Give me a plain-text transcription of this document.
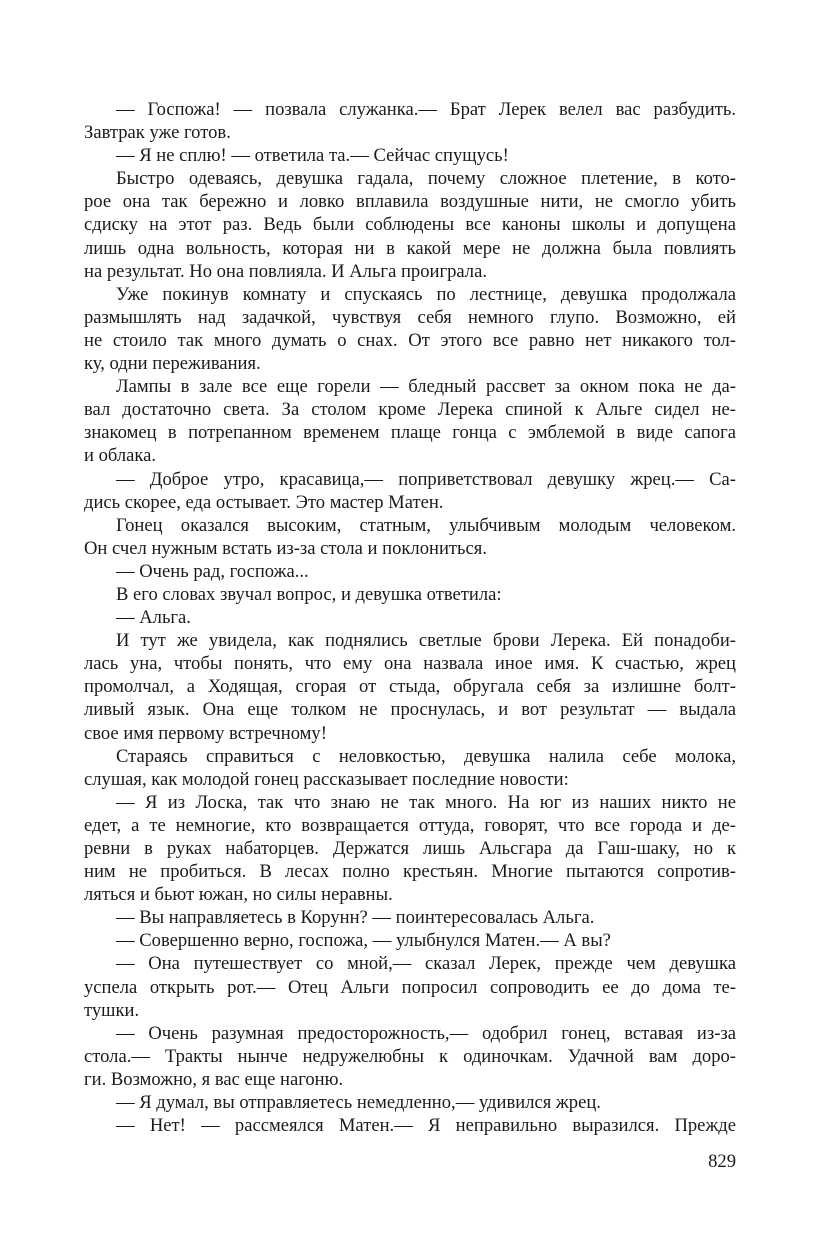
— Госпожа! — позвала служанка.— Брат Лерек велел вас разбудить.
Завтрак уже готов.
— Я не сплю! — ответила та.— Сейчас спущусь!
Быстро одеваясь, девушка гадала, почему сложное плетение, в кото-
рое она так бережно и ловко вплавила воздушные нити, не смогло убить
сдиску на этот раз. Ведь были соблюдены все каноны школы и допущена
лишь одна вольность, которая ни в какой мере не должна была повлиять
на результат. Но она повлияла. И Альга проиграла.
Уже покинув комнату и спускаясь по лестнице, девушка продолжала
размышлять над задачкой, чувствуя себя немного глупо. Возможно, ей
не стоило так много думать о снах. От этого все равно нет никакого тол-
ку, одни переживания.
Лампы в зале все еще горели — бледный рассвет за окном пока не да-
вал достаточно света. За столом кроме Лерека спиной к Альге сидел не-
знакомец в потрепанном временем плаще гонца с эмблемой в виде сапога
и облака.
— Доброе утро, красавица,— поприветствовал девушку жрец.— Са-
дись скорее, еда остывает. Это мастер Матен.
Гонец оказался высоким, статным, улыбчивым молодым человеком.
Он счел нужным встать из-за стола и поклониться.
— Очень рад, госпожа...
В его словах звучал вопрос, и девушка ответила:
— Альга.
И тут же увидела, как поднялись светлые брови Лерека. Ей понадоби-
лась уна, чтобы понять, что ему она назвала иное имя. К счастью, жрец
промолчал, а Ходящая, сгорая от стыда, обругала себя за излишне болт-
ливый язык. Она еще толком не проснулась, и вот результат — выдала
свое имя первому встречному!
Стараясь справиться с неловкостью, девушка налила себе молока,
слушая, как молодой гонец рассказывает последние новости:
— Я из Лоска, так что знаю не так много. На юг из наших никто не
едет, а те немногие, кто возвращается оттуда, говорят, что все города и де-
ревни в руках набаторцев. Держатся лишь Альсгара да Гаш-шаку, но к
ним не пробиться. В лесах полно крестьян. Многие пытаются сопротив-
ляться и бьют южан, но силы неравны.
— Вы направляетесь в Корунн? — поинтересовалась Альга.
— Совершенно верно, госпожа, — улыбнулся Матен.— А вы?
— Она путешествует со мной,— сказал Лерек, прежде чем девушка
успела открыть рот.— Отец Альги попросил сопроводить ее до дома те-
тушки.
— Очень разумная предосторожность,— одобрил гонец, вставая из-за
стола.— Тракты нынче недружелюбны к одиночкам. Удачной вам доро-
ги. Возможно, я вас еще нагоню.
— Я думал, вы отправляетесь немедленно,— удивился жрец.
— Нет! — рассмеялся Матен.— Я неправильно выразился. Прежде
829
